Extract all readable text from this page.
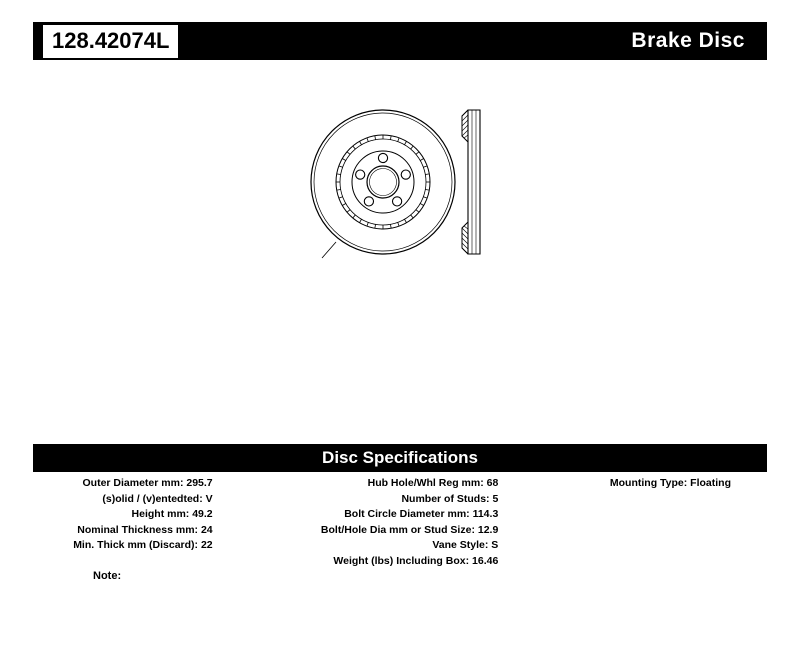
128.42074L	Brake Disc
Disc Specifications
Outer Diameter mm: 295.7
(s)olid / (v)entedted: V
Height mm: 49.2
Nominal Thickness mm: 24
Min. Thick mm (Discard): 22
Hub Hole/Whl Reg mm: 68
Number of Studs: 5
Bolt Circle Diameter mm: 114.3
Bolt/Hole Dia mm or Stud Size: 12.9
Vane Style: S
Weight (lbs) Including Box: 16.46
Mounting Type: Floating
Note:
